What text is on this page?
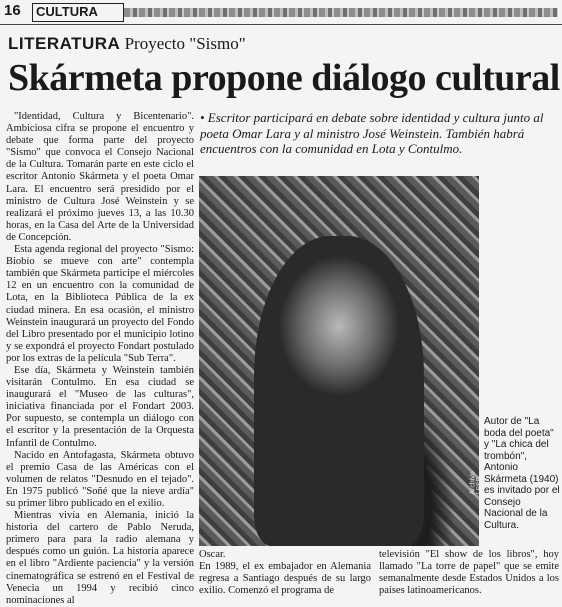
16	CULTURA
LITERATURA Proyecto "Sismo"
Skármeta propone diálogo cultural
• Escritor participará en debate sobre identidad y cultura junto al poeta Omar Lara y al ministro José Weinstein. También habrá encuentros con la comunidad en Lota y Contulmo.

"Identidad, Cultura y Bicentenario". Ambiciosa cifra se propone el encuentro y debate que forma parte del proyecto "Sismo" que convoca el Consejo Nacional de la Cultura. Tomarán parte en este ciclo el escritor Antonio Skármeta y el poeta Omar Lara. El encuentro será presidido por el ministro de Cultura José Weinstein y se realizará el próximo jueves 13, a las 10.30 horas, en la Casa del Arte de la Universidad de Concepción.

Esta agenda regional del proyecto "Sismo: Biobío se mueve con arte" contempla también que Skármeta participe el miércoles 12 en un encuentro con la comunidad de Lota, en la Biblioteca Pública de la ex ciudad minera. En esa ocasión, el ministro Weinstein inaugurará un proyecto del Fondo del Libro presentado por el municipio lotino y se expondrá el proyecto Fondart postulado por los extras de la película "Sub Terra".

Ese día, Skármeta y Weinstein también visitarán Contulmo. En esa ciudad se inaugurará el "Museo de las culturas", iniciativa financiada por el Fondart 2003. Por supuesto, se contempla un diálogo con el escritor y la presentación de la Orquesta Infantil de Contulmo.

Nacido en Antofagasta, Skármeta obtuvo el premio Casa de las Américas con el volumen de relatos "Desnudo en el tejado". En 1975 publicó "Soñé que la nieve ardía" su primer libro publicado en el exilio.

Mientras vivía en Alemania, inició la historia del cartero de Pablo Neruda, primero para para la radio alemana y después como un guión. La historia aparece en el libro "Ardiente paciencia" y la versión cinematográfica se estrenó en el Festival de Venecia un 1994 y recibió cinco nominaciones al

Archivo / ESP
Autor de "La boda del poeta" y "La chica del trombón", Antonio Skármeta (1940) es invitado por el Consejo Nacional de la Cultura.
Oscar.
En 1989, el ex embajador en Alemania regresa a Santiago después de su largo exilio. Comenzó el programa de
televisión "El show de los libros", hoy llamado "La torre de papel" que se emite semanalmente desde Estados Unidos a los países latinoamericanos.
